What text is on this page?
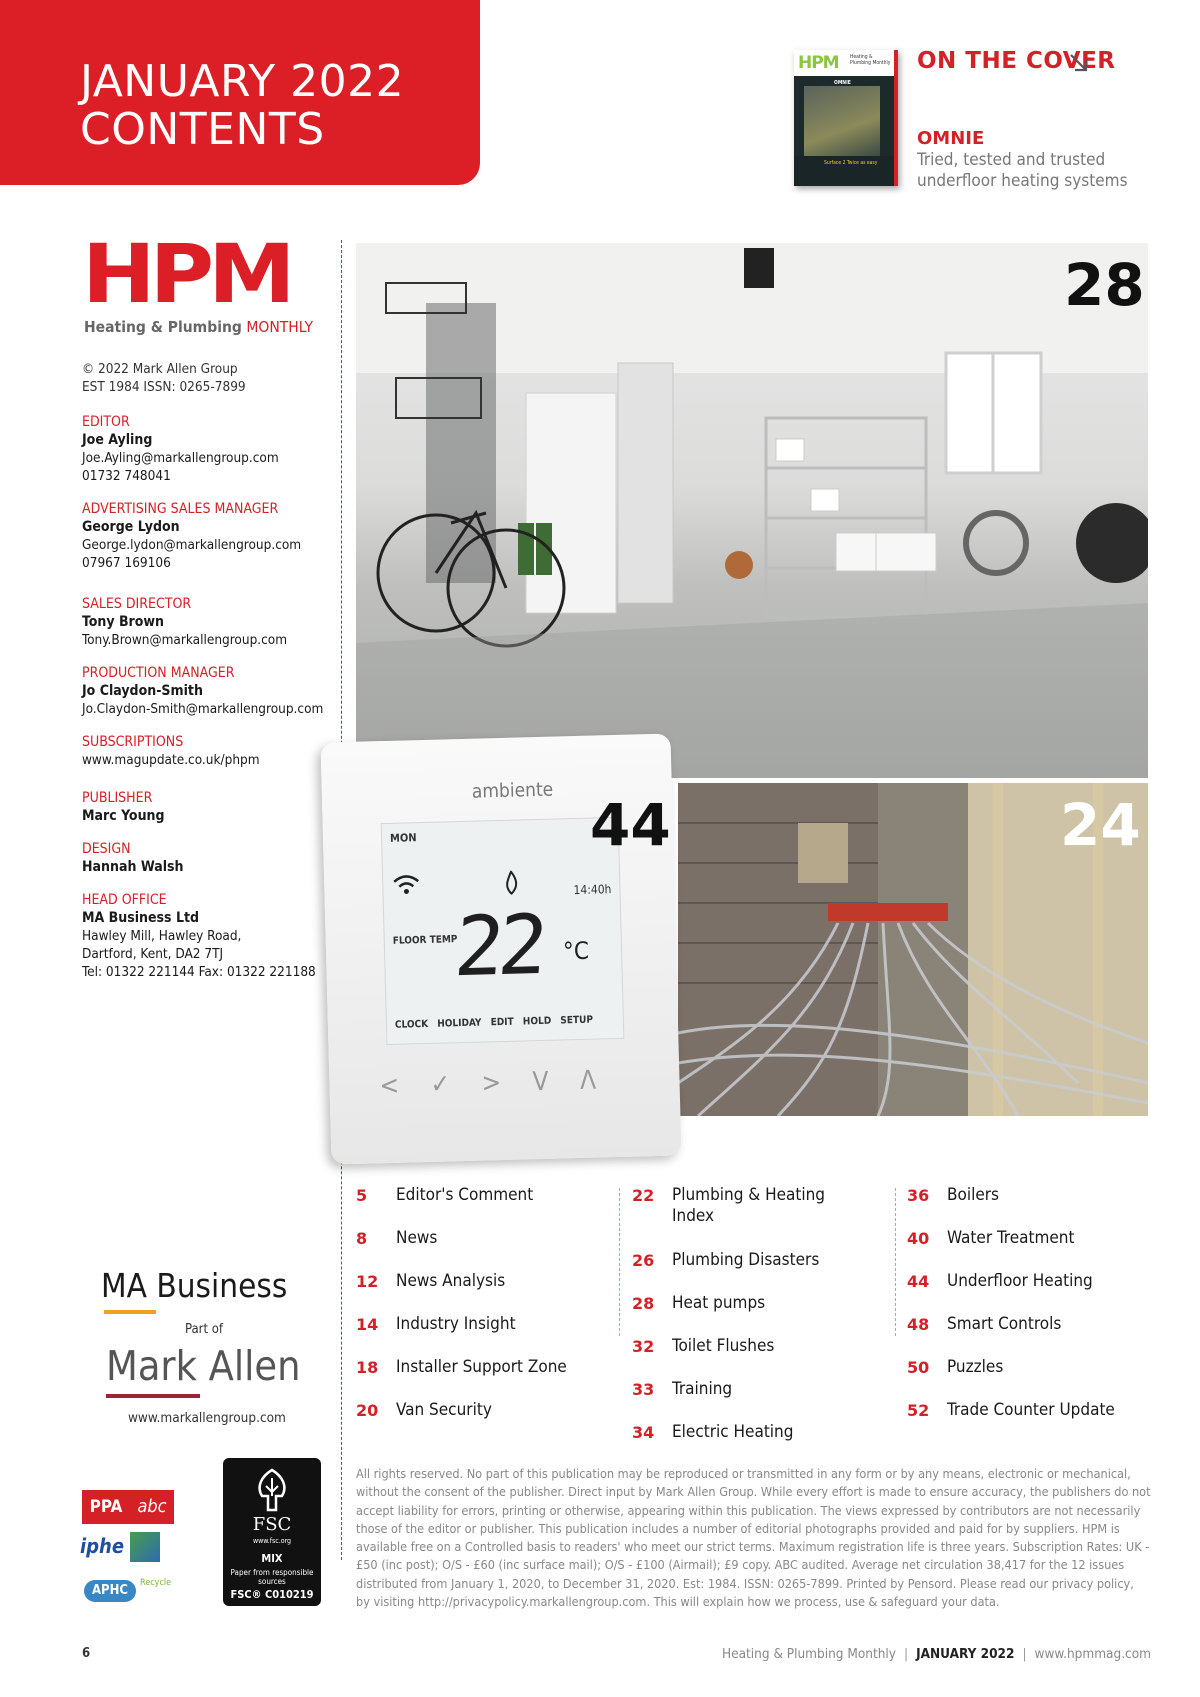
JANUARY 2022
CONTENTS
HPM Heating & Plumbing Monthly
OMNIE
Surface 2 Twice as easy
ON THE COVER
OMNIE
Tried, tested and trusted underfloor heating systems
HPM
Heating & Plumbing MONTHLY
© 2022 Mark Allen Group
EST 1984 ISSN: 0265-7899
EDITOR
Joe Ayling
Joe.Ayling@markallengroup.com
01732 748041
ADVERTISING SALES MANAGER
George Lydon
George.lydon@markallengroup.com
07967 169106
SALES DIRECTOR
Tony Brown
Tony.Brown@markallengroup.com
PRODUCTION MANAGER
Jo Claydon-Smith
Jo.Claydon-Smith@markallengroup.com
SUBSCRIPTIONS
www.magupdate.co.uk/phpm
PUBLISHER
Marc Young
DESIGN
Hannah Walsh
HEAD OFFICE
MA Business Ltd
Hawley Mill, Hawley Road,
Dartford, Kent, DA2 7TJ
Tel: 01322 221144 Fax: 01322 221188
28
24
ambiente
MON
14:40h
FLOOR TEMP
22 °C
CLOCK HOLIDAY EDIT HOLD SETUP
< ✓ > V Λ
44
5 Editor's Comment
8 News
12 News Analysis
14 Industry Insight
18 Installer Support Zone
20 Van Security
22 Plumbing & Heating Index
26 Plumbing Disasters
28 Heat pumps
32 Toilet Flushes
33 Training
34 Electric Heating
36 Boilers
40 Water Treatment
44 Underfloor Heating
48 Smart Controls
50 Puzzles
52 Trade Counter Update
MA Business
Part of
Mark Allen
www.markallengroup.com
PPA abc
iphe
APHC	Recycle
FSC
www.fsc.org
MIX
Paper from responsible sources
FSC® C010219
All rights reserved. No part of this publication may be reproduced or transmitted in any form or by any means, electronic or mechanical, without the consent of the publisher. Direct input by Mark Allen Group. While every effort is made to ensure accuracy, the publishers do not accept liability for errors, printing or otherwise, appearing within this publication. The views expressed by contributors are not necessarily those of the editor or publisher. This publication includes a number of editorial photographs provided and paid for by suppliers. HPM is available free on a Controlled basis to readers' who meet our strict terms. Maximum registration life is three years. Subscription Rates: UK - £50 (inc post); O/S - £60 (inc surface mail); O/S - £100 (Airmail); £9 copy. ABC audited. Average net circulation 38,417 for the 12 issues distributed from January 1, 2020, to December 31, 2020. Est: 1984. ISSN: 0265-7899. Printed by Pensord. Please read our privacy policy, by visiting http://privacypolicy.markallengroup.com. This will explain how we process, use & safeguard your data.
6	Heating & Plumbing Monthly | JANUARY 2022 | www.hpmmag.com
